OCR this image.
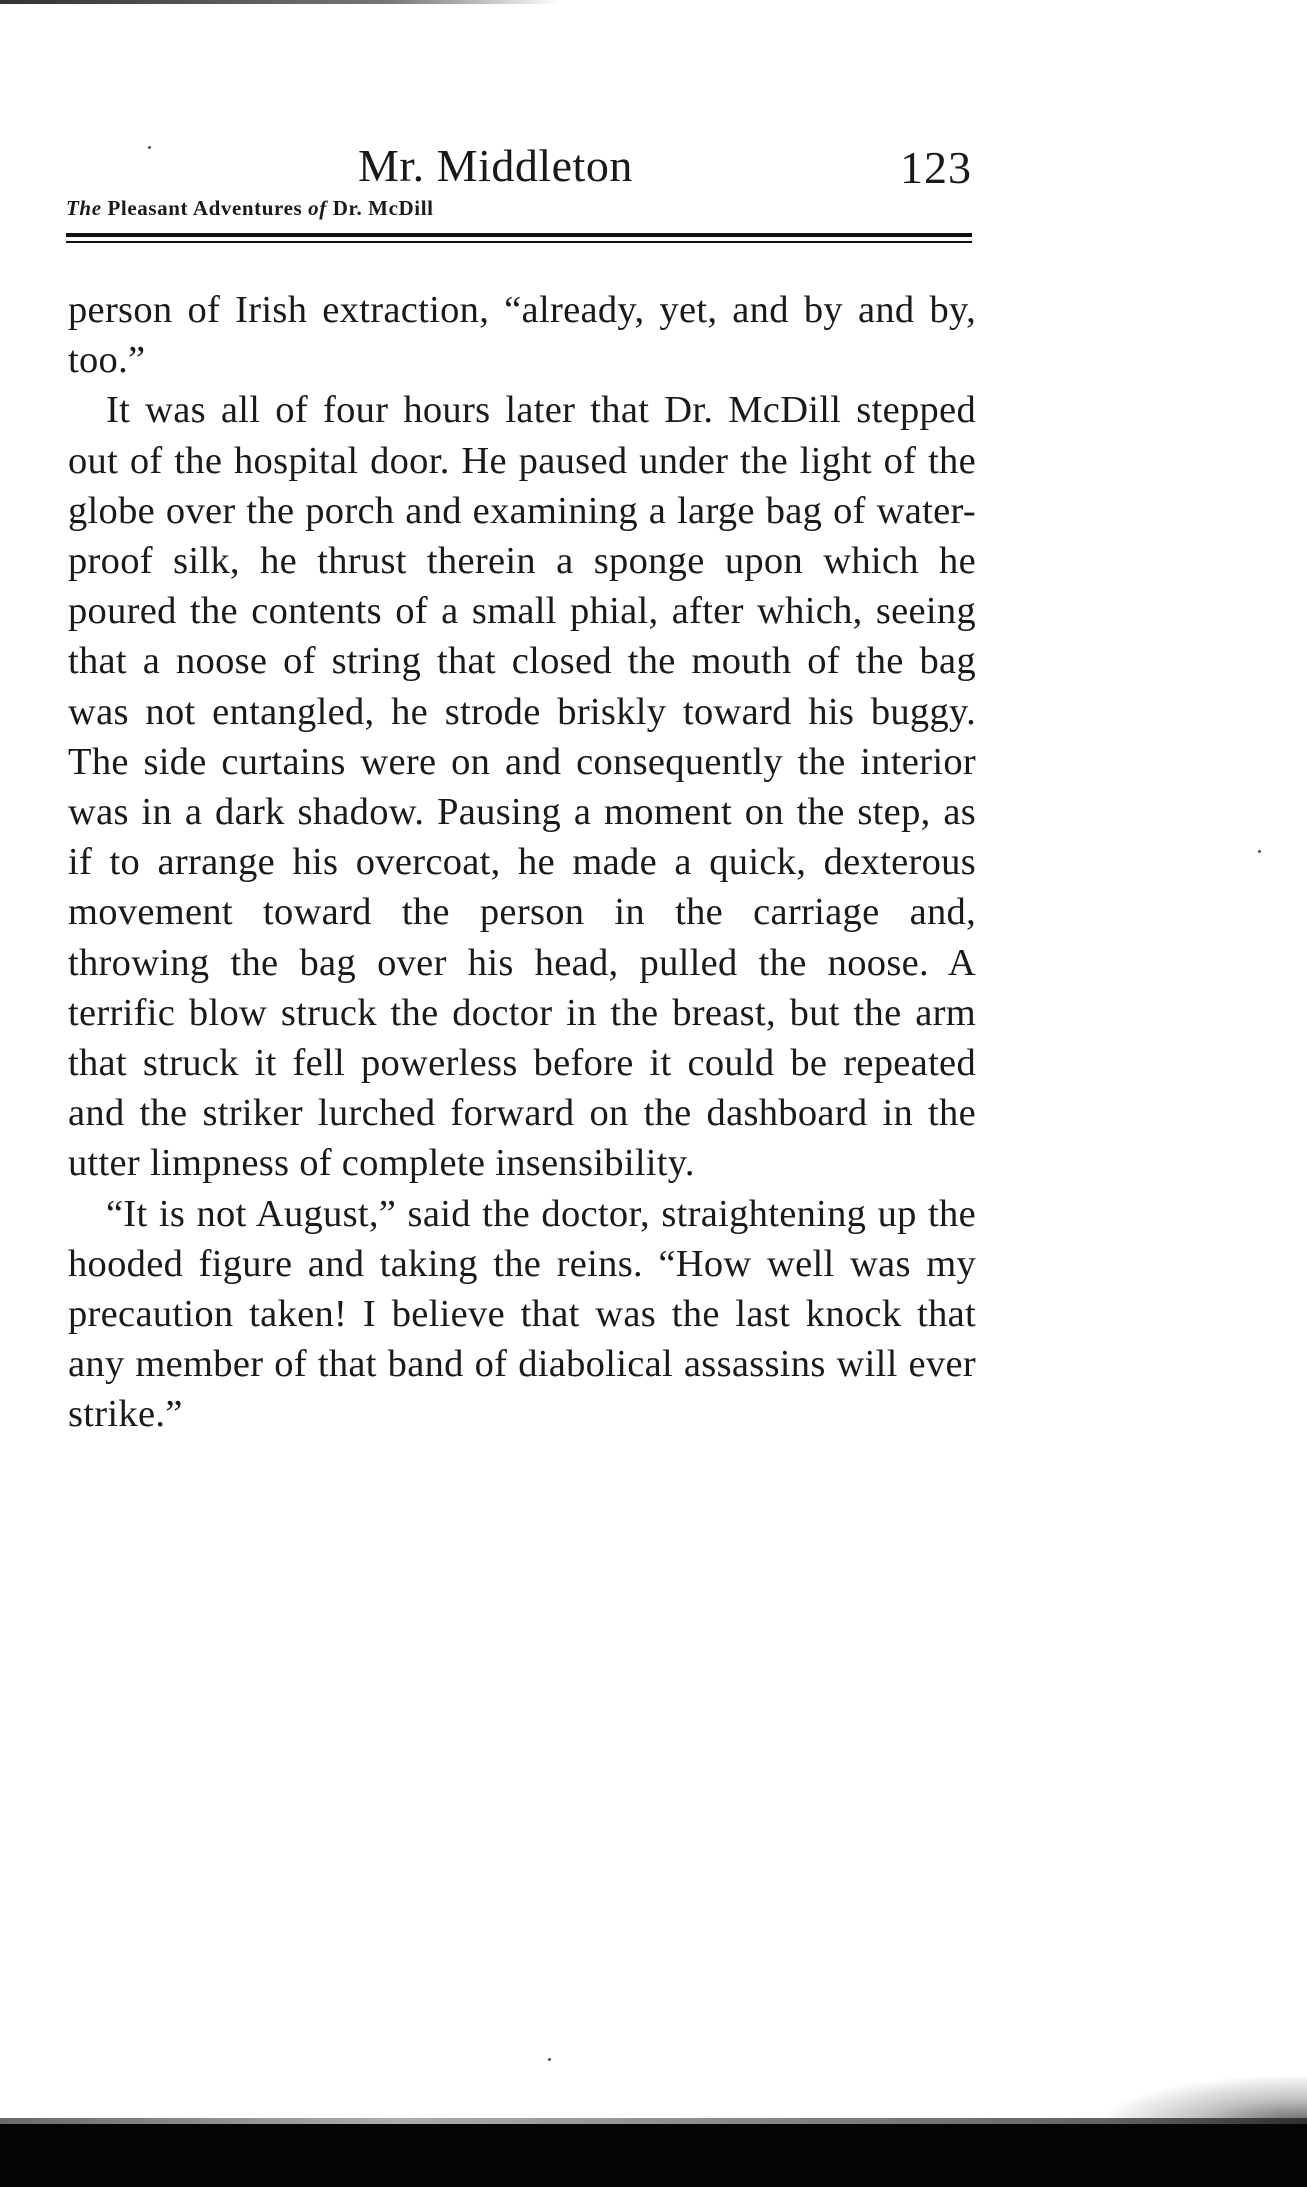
Mr. Middleton	123
The Pleasant Adventures of Dr. McDill

person of Irish extraction, “already, yet, and by and by, too.”

It was all of four hours later that Dr. McDill stepped out of the hospital door. He paused under the light of the globe over the porch and examining a large bag of water-proof silk, he thrust therein a sponge upon which he poured the contents of a small phial, after which, seeing that a noose of string that closed the mouth of the bag was not entangled, he strode briskly toward his buggy. The side curtains were on and consequently the interior was in a dark shadow. Pausing a moment on the step, as if to arrange his overcoat, he made a quick, dexterous movement toward the person in the carriage and, throwing the bag over his head, pulled the noose. A terrific blow struck the doctor in the breast, but the arm that struck it fell powerless before it could be repeated and the striker lurched forward on the dashboard in the utter limpness of complete insensibility.

“It is not August,” said the doctor, straightening up the hooded figure and taking the reins. “How well was my precaution taken! I believe that was the last knock that any member of that band of diabolical assassins will ever strike.”
